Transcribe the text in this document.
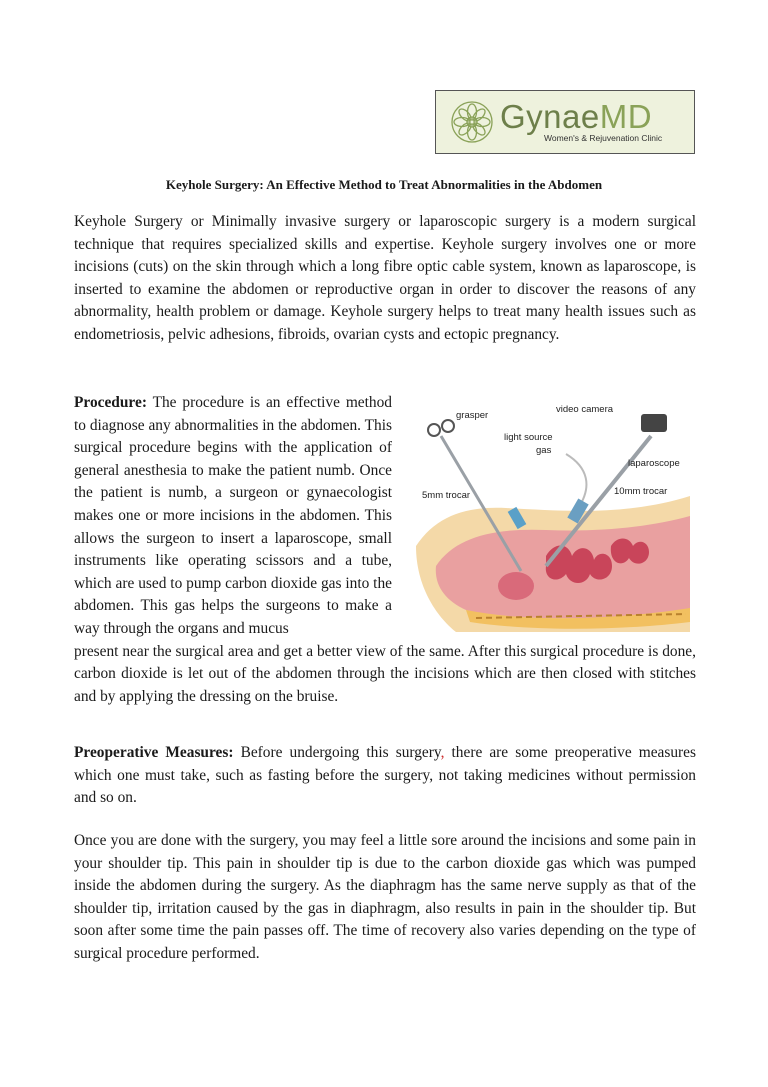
GynaeMD
Women's & Rejuvenation Clinic
Keyhole Surgery: An Effective Method to Treat Abnormalities in the Abdomen

Keyhole Surgery or Minimally invasive surgery or laparoscopic surgery is a modern surgical technique that requires specialized skills and expertise. Keyhole surgery involves one or more incisions (cuts) on the skin through which a long fibre optic cable system, known as laparoscope, is inserted to examine the abdomen or reproductive organ in order to discover the reasons of any abnormality, health problem or damage. Keyhole surgery helps to treat many health issues such as endometriosis, pelvic adhesions, fibroids, ovarian cysts and ectopic pregnancy.

Procedure: The procedure is an effective method to diagnose any abnormalities in the abdomen. This surgical procedure begins with the application of general anesthesia to make the patient numb. Once the patient is numb, a surgeon or gynaecologist makes one or more incisions in the abdomen. This allows the surgeon to insert a laparoscope, small instruments like operating scissors and a tube, which are used to pump carbon dioxide gas into the abdomen. This gas helps the surgeons to make a way through the organs and mucus

present near the surgical area and get a better view of the same. After this surgical procedure is done, carbon dioxide is let out of the abdomen through the incisions which are then closed with stitches and by applying the dressing on the bruise.

grasper
video camera
light source
gas
laparoscope
5mm trocar	10mm trocar

Preoperative Measures: Before undergoing this surgery, there are some preoperative measures which one must take, such as fasting before the surgery, not taking medicines without permission and so on.

Once you are done with the surgery, you may feel a little sore around the incisions and some pain in your shoulder tip. This pain in shoulder tip is due to the carbon dioxide gas which was pumped inside the abdomen during the surgery. As the diaphragm has the same nerve supply as that of the shoulder tip, irritation caused by the gas in diaphragm, also results in pain in the shoulder tip. But soon after some time the pain passes off. The time of recovery also varies depending on the type of surgical procedure performed.
